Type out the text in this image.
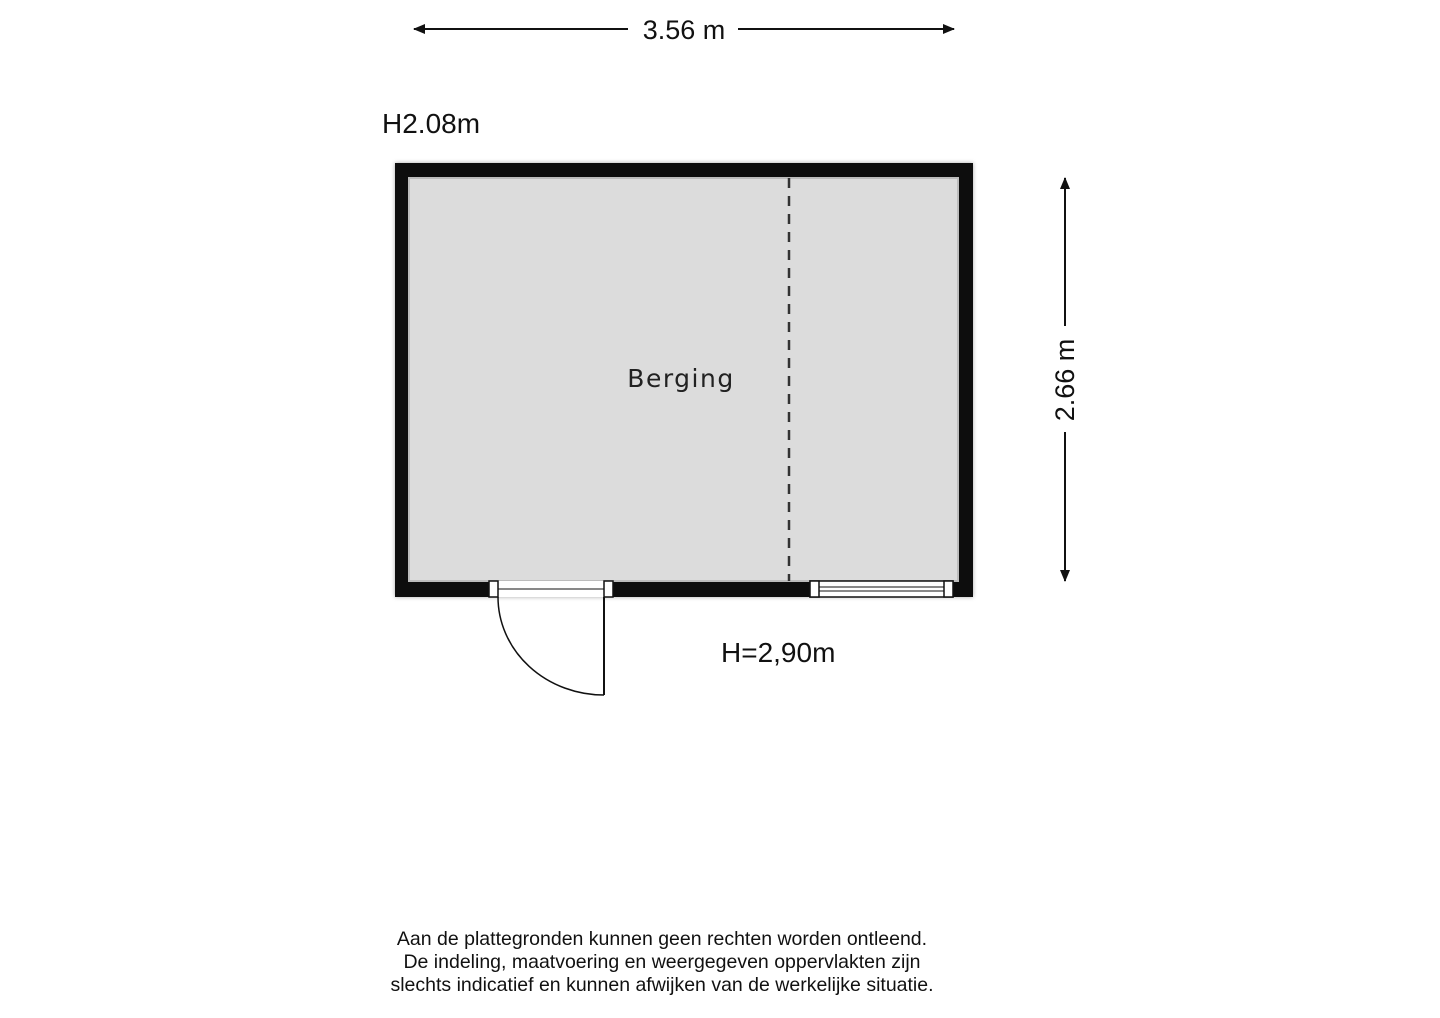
3.56 m
H2.08m
2.66 m
Berging
H=2,90m
Aan de plattegronden kunnen geen rechten worden ontleend.
De indeling, maatvoering en weergegeven oppervlakten zijn
slechts indicatief en kunnen afwijken van de werkelijke situatie.
